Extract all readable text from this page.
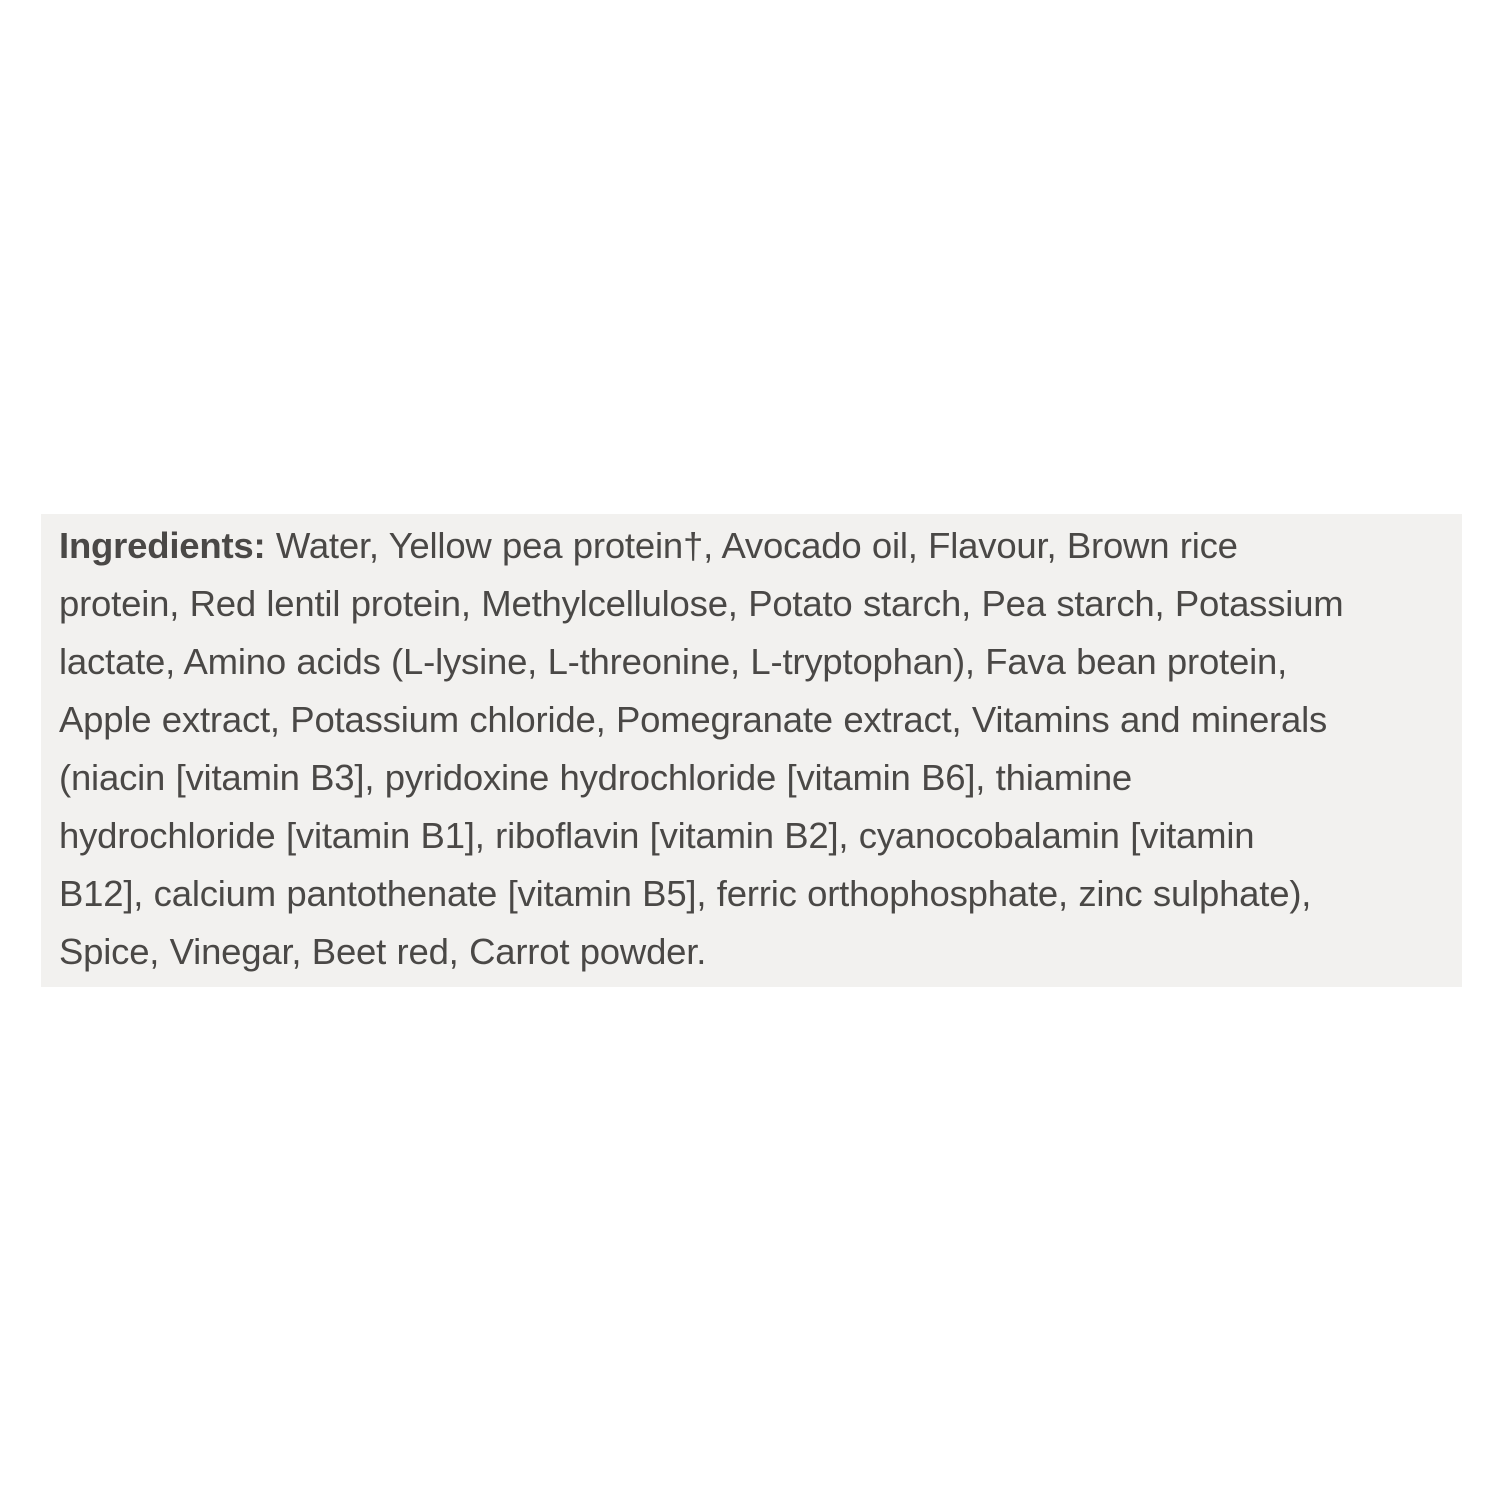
Ingredients: Water, Yellow pea protein†, Avocado oil, Flavour, Brown rice
protein, Red lentil protein, Methylcellulose, Potato starch, Pea starch, Potassium
lactate, Amino acids (L-lysine, L-threonine, L-tryptophan), Fava bean protein,
Apple extract, Potassium chloride, Pomegranate extract, Vitamins and minerals
(niacin [vitamin B3], pyridoxine hydrochloride [vitamin B6], thiamine
hydrochloride [vitamin B1], riboflavin [vitamin B2], cyanocobalamin [vitamin
B12], calcium pantothenate [vitamin B5], ferric orthophosphate, zinc sulphate),
Spice, Vinegar, Beet red, Carrot powder.
